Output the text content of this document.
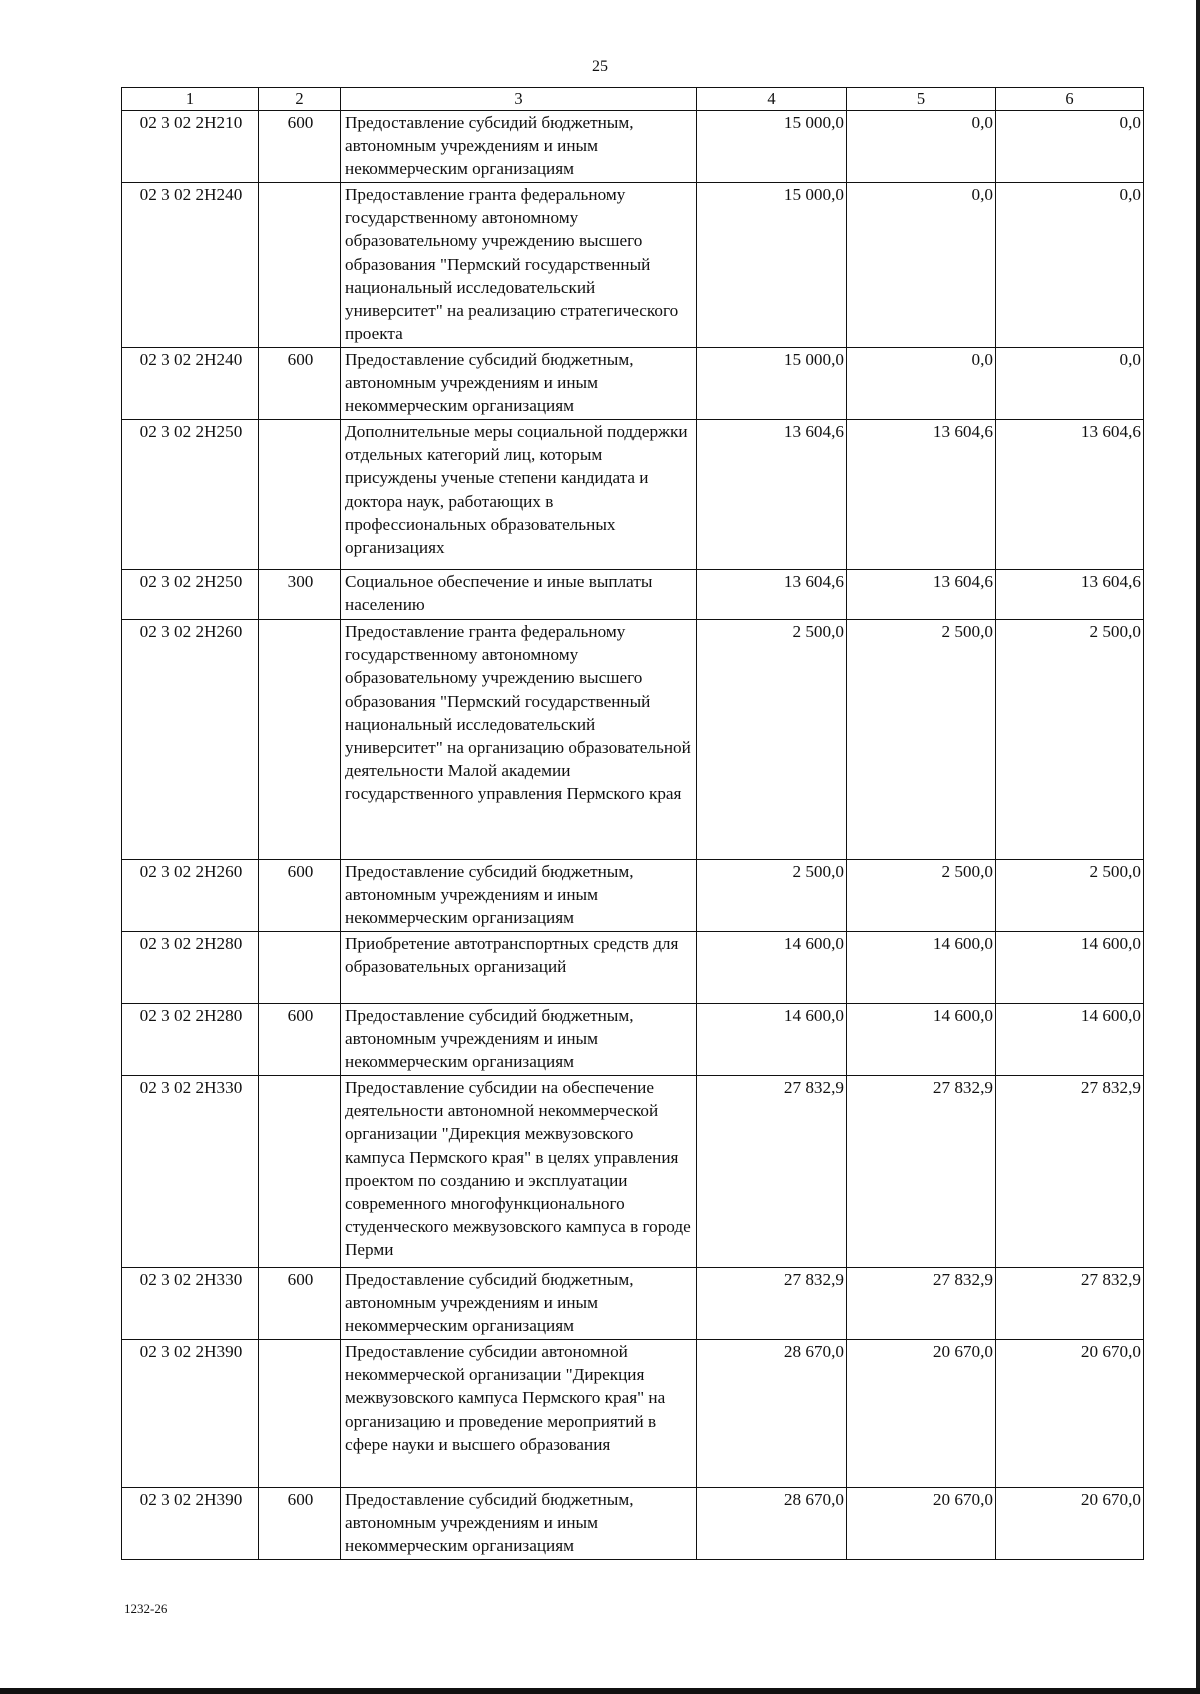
25
1	2	3	4	5	6
02 3 02 2Н210	600	Предоставление субсидий бюджетным, автономным учреждениям и иным некоммерческим организациям	15 000,0	0,0	0,0
02 3 02 2Н240		Предоставление гранта федеральному государственному автономному образовательному учреждению высшего образования "Пермский государственный национальный исследовательский университет" на реализацию стратегического проекта	15 000,0	0,0	0,0
02 3 02 2Н240	600	Предоставление субсидий бюджетным, автономным учреждениям и иным некоммерческим организациям	15 000,0	0,0	0,0
02 3 02 2Н250		Дополнительные меры социальной поддержки отдельных категорий лиц, которым присуждены ученые степени кандидата и доктора наук, работающих в профессиональных образовательных организациях	13 604,6	13 604,6	13 604,6
02 3 02 2Н250	300	Социальное обеспечение и иные выплаты населению	13 604,6	13 604,6	13 604,6
02 3 02 2Н260		Предоставление гранта федеральному государственному автономному образовательному учреждению высшего образования "Пермский государственный национальный исследовательский университет" на организацию образовательной деятельности Малой академии государственного управления Пермского края	2 500,0	2 500,0	2 500,0
02 3 02 2Н260	600	Предоставление субсидий бюджетным, автономным учреждениям и иным некоммерческим организациям	2 500,0	2 500,0	2 500,0
02 3 02 2Н280		Приобретение автотранспортных средств для образовательных организаций	14 600,0	14 600,0	14 600,0
02 3 02 2Н280	600	Предоставление субсидий бюджетным, автономным учреждениям и иным некоммерческим организациям	14 600,0	14 600,0	14 600,0
02 3 02 2Н330		Предоставление субсидии на обеспечение деятельности автономной некоммерческой организации "Дирекция межвузовского кампуса Пермского края" в целях управления проектом по созданию и эксплуатации современного многофункционального студенческого межвузовского кампуса в городе Перми	27 832,9	27 832,9	27 832,9
02 3 02 2Н330	600	Предоставление субсидий бюджетным, автономным учреждениям и иным некоммерческим организациям	27 832,9	27 832,9	27 832,9
02 3 02 2Н390		Предоставление субсидии автономной некоммерческой организации "Дирекция межвузовского кампуса Пермского края" на организацию и проведение мероприятий в сфере науки и высшего образования	28 670,0	20 670,0	20 670,0
02 3 02 2Н390	600	Предоставление субсидий бюджетным, автономным учреждениям и иным некоммерческим организациям	28 670,0	20 670,0	20 670,0
1232-26
